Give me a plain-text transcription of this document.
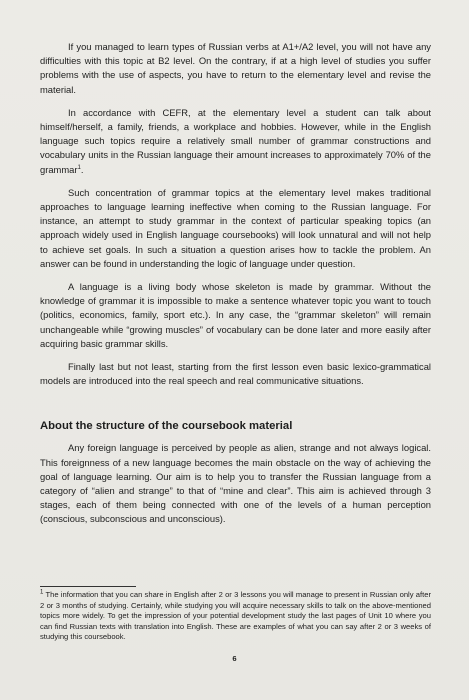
If you managed to learn types of Russian verbs at A1+/A2 level, you will not have any difficulties with this topic at B2 level. On the contrary, if at a high level of studies you suffer problems with the use of aspects, you have to return to the elementary level and revise the material.

In accordance with CEFR, at the elementary level a student can talk about himself/herself, a family, friends, a workplace and hobbies. However, while in the English language such topics require a relatively small number of grammar constructions and vocabulary units in the Russian language their amount increases to approximately 70% of the grammar$^1$.

Such concentration of grammar topics at the elementary level makes traditional approaches to language learning ineffective when coming to the Russian language. For instance, an attempt to study grammar in the context of particular speaking topics (an approach widely used in English language coursebooks) will look unnatural and will not help to achieve set goals. In such a situation a question arises how to tackle the problem. An answer can be found in understanding the logic of language under question.

A language is a living body whose skeleton is made by grammar. Without the knowledge of grammar it is impossible to make a sentence whatever topic you want to touch (politics, economics, family, sport etc.). In any case, the “grammar skeleton” will remain unchangeable while “growing muscles” of vocabulary can be done later and more easily after acquiring basic grammar skills.

Finally last but not least, starting from the first lesson even basic lexico-grammatical models are introduced into the real speech and real communicative situations.

About the structure of the coursebook material

Any foreign language is perceived by people as alien, strange and not always logical. This foreignness of a new language becomes the main obstacle on the way of achieving the goal of language learning. Our aim is to help you to transfer the Russian language from a category of “alien and strange” to that of “mine and clear”. This aim is achieved through 3 stages, each of them being connected with one of the levels of a human perception (conscious, subconscious and unconscious).

$^1$ The information that you can share in English after 2 or 3 lessons you will manage to present in Russian only after 2 or 3 months of studying. Certainly, while studying you will acquire necessary skills to talk on the above-mentioned topics more widely. To get the impression of your potential development study the last pages of Unit 10 where you can find Russian texts with translation into English. These are examples of what you can say after 2 or 3 weeks of studying this coursebook.

6
